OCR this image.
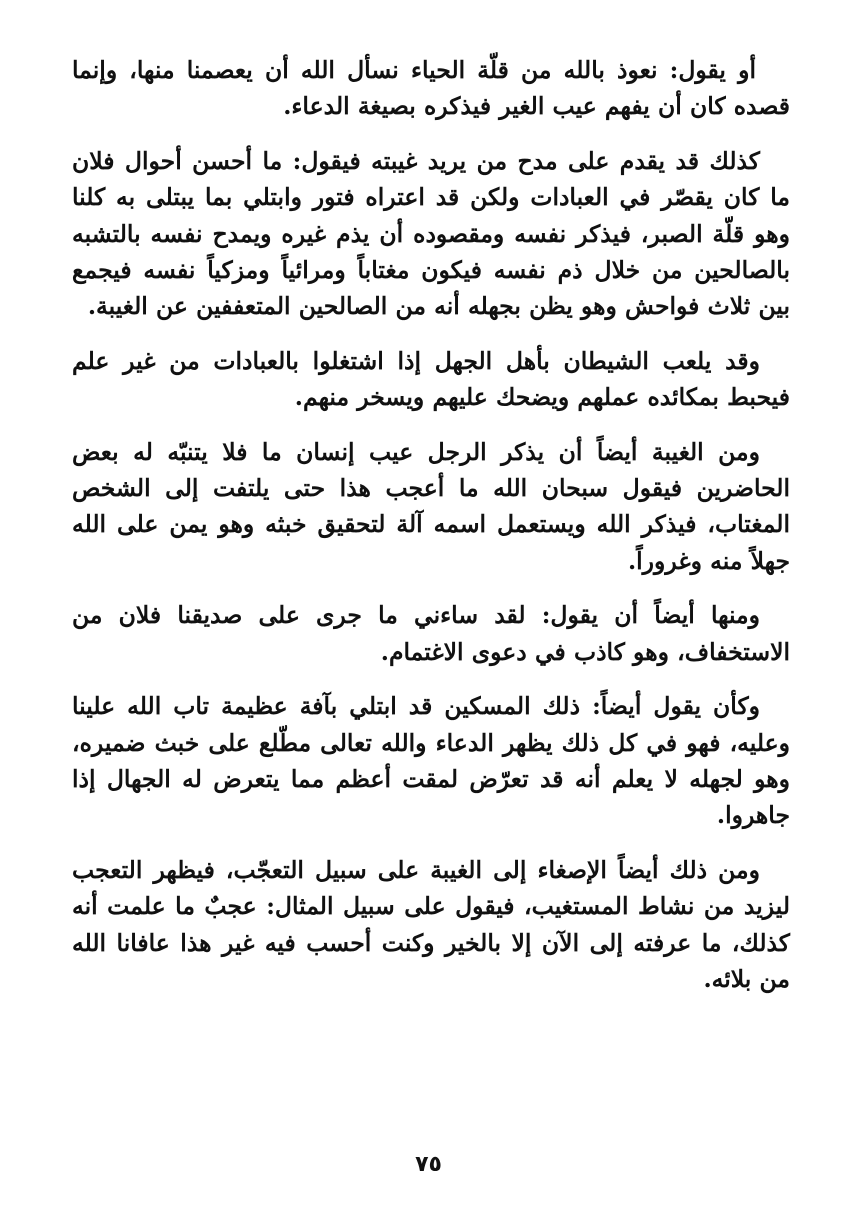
أو يقول: نعوذ بالله من قلّة الحياء نسأل الله أن يعصمنا منها، وإنما قصده كان أن يفهم عيب الغير فيذكره بصيغة الدعاء.

كذلك قد يقدم على مدح من يريد غيبته فيقول: ما أحسن أحوال فلان ما كان يقصّر في العبادات ولكن قد اعتراه فتور وابتلي بما يبتلى به كلنا وهو قلّة الصبر، فيذكر نفسه ومقصوده أن يذم غيره ويمدح نفسه بالتشبه بالصالحين من خلال ذم نفسه فيكون مغتاباً ومرائياً ومزكياً نفسه فيجمع بين ثلاث فواحش وهو يظن بجهله أنه من الصالحين المتعففين عن الغيبة.

وقد يلعب الشيطان بأهل الجهل إذا اشتغلوا بالعبادات من غير علم فيحبط بمكائده عملهم ويضحك عليهم ويسخر منهم.

ومن الغيبة أيضاً أن يذكر الرجل عيب إنسان ما فلا يتنبّه له بعض الحاضرين فيقول سبحان الله ما أعجب هذا حتى يلتفت إلى الشخص المغتاب، فيذكر الله ويستعمل اسمه آلة لتحقيق خبثه وهو يمن على الله جهلاً منه وغروراً.

ومنها أيضاً أن يقول: لقد ساءني ما جرى على صديقنا فلان من الاستخفاف، وهو كاذب في دعوى الاغتمام.

وكأن يقول أيضاً: ذلك المسكين قد ابتلي بآفة عظيمة تاب الله علينا وعليه، فهو في كل ذلك يظهر الدعاء والله تعالى مطّلع على خبث ضميره، وهو لجهله لا يعلم أنه قد تعرّض لمقت أعظم مما يتعرض له الجهال إذا جاهروا.

ومن ذلك أيضاً الإصغاء إلى الغيبة على سبيل التعجّب، فيظهر التعجب ليزيد من نشاط المستغيب، فيقول على سبيل المثال: عجبٌ ما علمت أنه كذلك، ما عرفته إلى الآن إلا بالخير وكنت أحسب فيه غير هذا عافانا الله من بلائه.

٧٥
